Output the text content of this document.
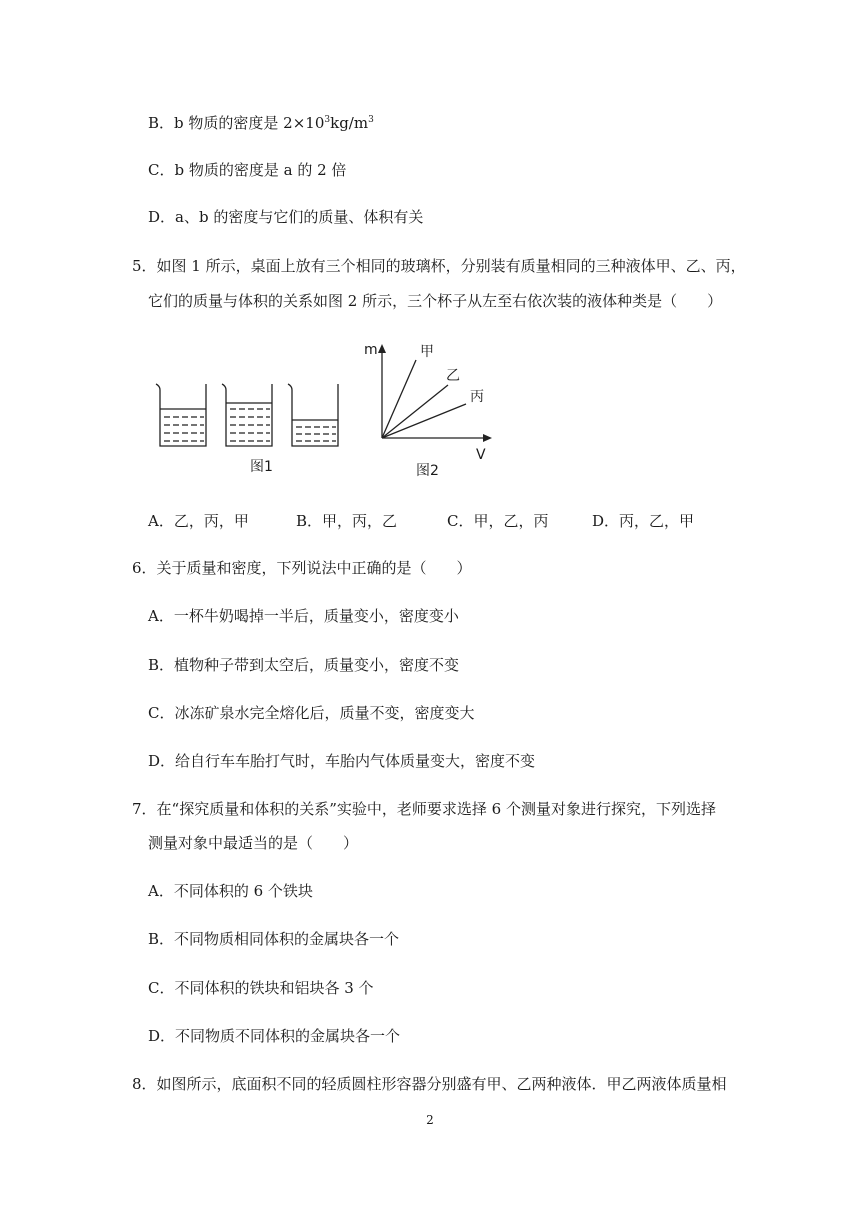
B．b 物质的密度是 $2\times 10^3kg/m^3$
C．b 物质的密度是 a 的 2 倍
D．a、b 的密度与它们的质量、体积有关
5．如图 1 所示，桌面上放有三个相同的玻璃杯，分别装有质量相同的三种液体甲、乙、丙，
它们的质量与体积的关系如图 2 所示，三个杯子从左至右依次装的液体种类是（　　）
图1
m
V
甲
乙
丙
图2
A．乙，丙，甲	B．甲，丙，乙	C．甲，乙，丙	D．丙，乙，甲
6．关于质量和密度，下列说法中正确的是（　　）
A．一杯牛奶喝掉一半后，质量变小，密度变小
B．植物种子带到太空后，质量变小，密度不变
C．冰冻矿泉水完全熔化后，质量不变，密度变大
D．给自行车车胎打气时，车胎内气体质量变大，密度不变
7．在“探究质量和体积的关系”实验中，老师要求选择 6 个测量对象进行探究，下列选择
测量对象中最适当的是（　　）
A．不同体积的 6 个铁块
B．不同物质相同体积的金属块各一个
C．不同体积的铁块和铝块各 3 个
D．不同物质不同体积的金属块各一个
8．如图所示，底面积不同的轻质圆柱形容器分别盛有甲、乙两种液体．甲乙两液体质量相
2
